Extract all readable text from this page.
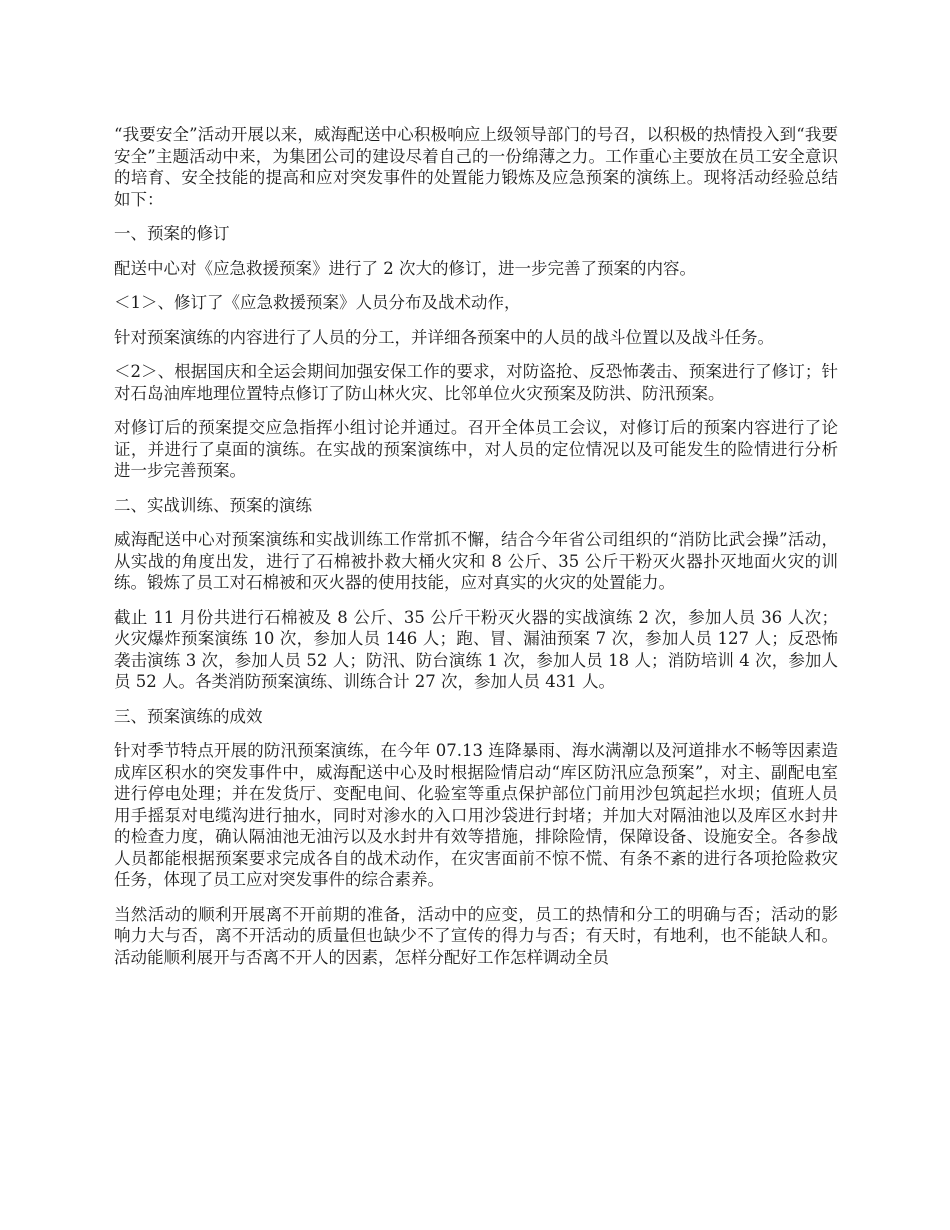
“我要安全”活动开展以来，威海配送中心积极响应上级领导部门的号召，以积极的热情投入到“我要安全”主题活动中来，为集团公司的建设尽着自己的一份绵薄之力。工作重心主要放在员工安全意识的培育、安全技能的提高和应对突发事件的处置能力锻炼及应急预案的演练上。现将活动经验总结如下：

一、预案的修订

配送中心对《应急救援预案》进行了 2 次大的修订，进一步完善了预案的内容。

＜1＞、修订了《应急救援预案》人员分布及战术动作，

针对预案演练的内容进行了人员的分工，并详细各预案中的人员的战斗位置以及战斗任务。

＜2＞、根据国庆和全运会期间加强安保工作的要求，对防盗抢、反恐怖袭击、预案进行了修订；针对石岛油库地理位置特点修订了防山林火灾、比邻单位火灾预案及防洪、防汛预案。

对修订后的预案提交应急指挥小组讨论并通过。召开全体员工会议，对修订后的预案内容进行了论证，并进行了桌面的演练。在实战的预案演练中，对人员的定位情况以及可能发生的险情进行分析进一步完善预案。

二、实战训练、预案的演练

威海配送中心对预案演练和实战训练工作常抓不懈，结合今年省公司组织的“消防比武会操”活动，从实战的角度出发，进行了石棉被扑救大桶火灾和 8 公斤、35 公斤干粉灭火器扑灭地面火灾的训练。锻炼了员工对石棉被和灭火器的使用技能，应对真实的火灾的处置能力。

截止 11 月份共进行石棉被及 8 公斤、35 公斤干粉灭火器的实战演练 2 次，参加人员 36 人次；火灾爆炸预案演练 10 次，参加人员 146 人；跑、冒、漏油预案 7 次，参加人员 127 人；反恐怖袭击演练 3 次，参加人员 52 人；防汛、防台演练 1 次，参加人员 18 人；消防培训 4 次，参加人员 52 人。各类消防预案演练、训练合计 27 次，参加人员 431 人。

三、预案演练的成效

针对季节特点开展的防汛预案演练，在今年 07.13 连降暴雨、海水满潮以及河道排水不畅等因素造成库区积水的突发事件中，威海配送中心及时根据险情启动“库区防汛应急预案”，对主、副配电室进行停电处理；并在发货厅、变配电间、化验室等重点保护部位门前用沙包筑起拦水坝；值班人员用手摇泵对电缆沟进行抽水，同时对渗水的入口用沙袋进行封堵；并加大对隔油池以及库区水封井的检查力度，确认隔油池无油污以及水封井有效等措施，排除险情，保障设备、设施安全。各参战人员都能根据预案要求完成各自的战术动作，在灾害面前不惊不慌、有条不紊的进行各项抢险救灾任务，体现了员工应对突发事件的综合素养。

当然活动的顺利开展离不开前期的准备，活动中的应变，员工的热情和分工的明确与否；活动的影响力大与否，离不开活动的质量但也缺少不了宣传的得力与否；有天时，有地利，也不能缺人和。活动能顺利展开与否离不开人的因素，怎样分配好工作怎样调动全员
